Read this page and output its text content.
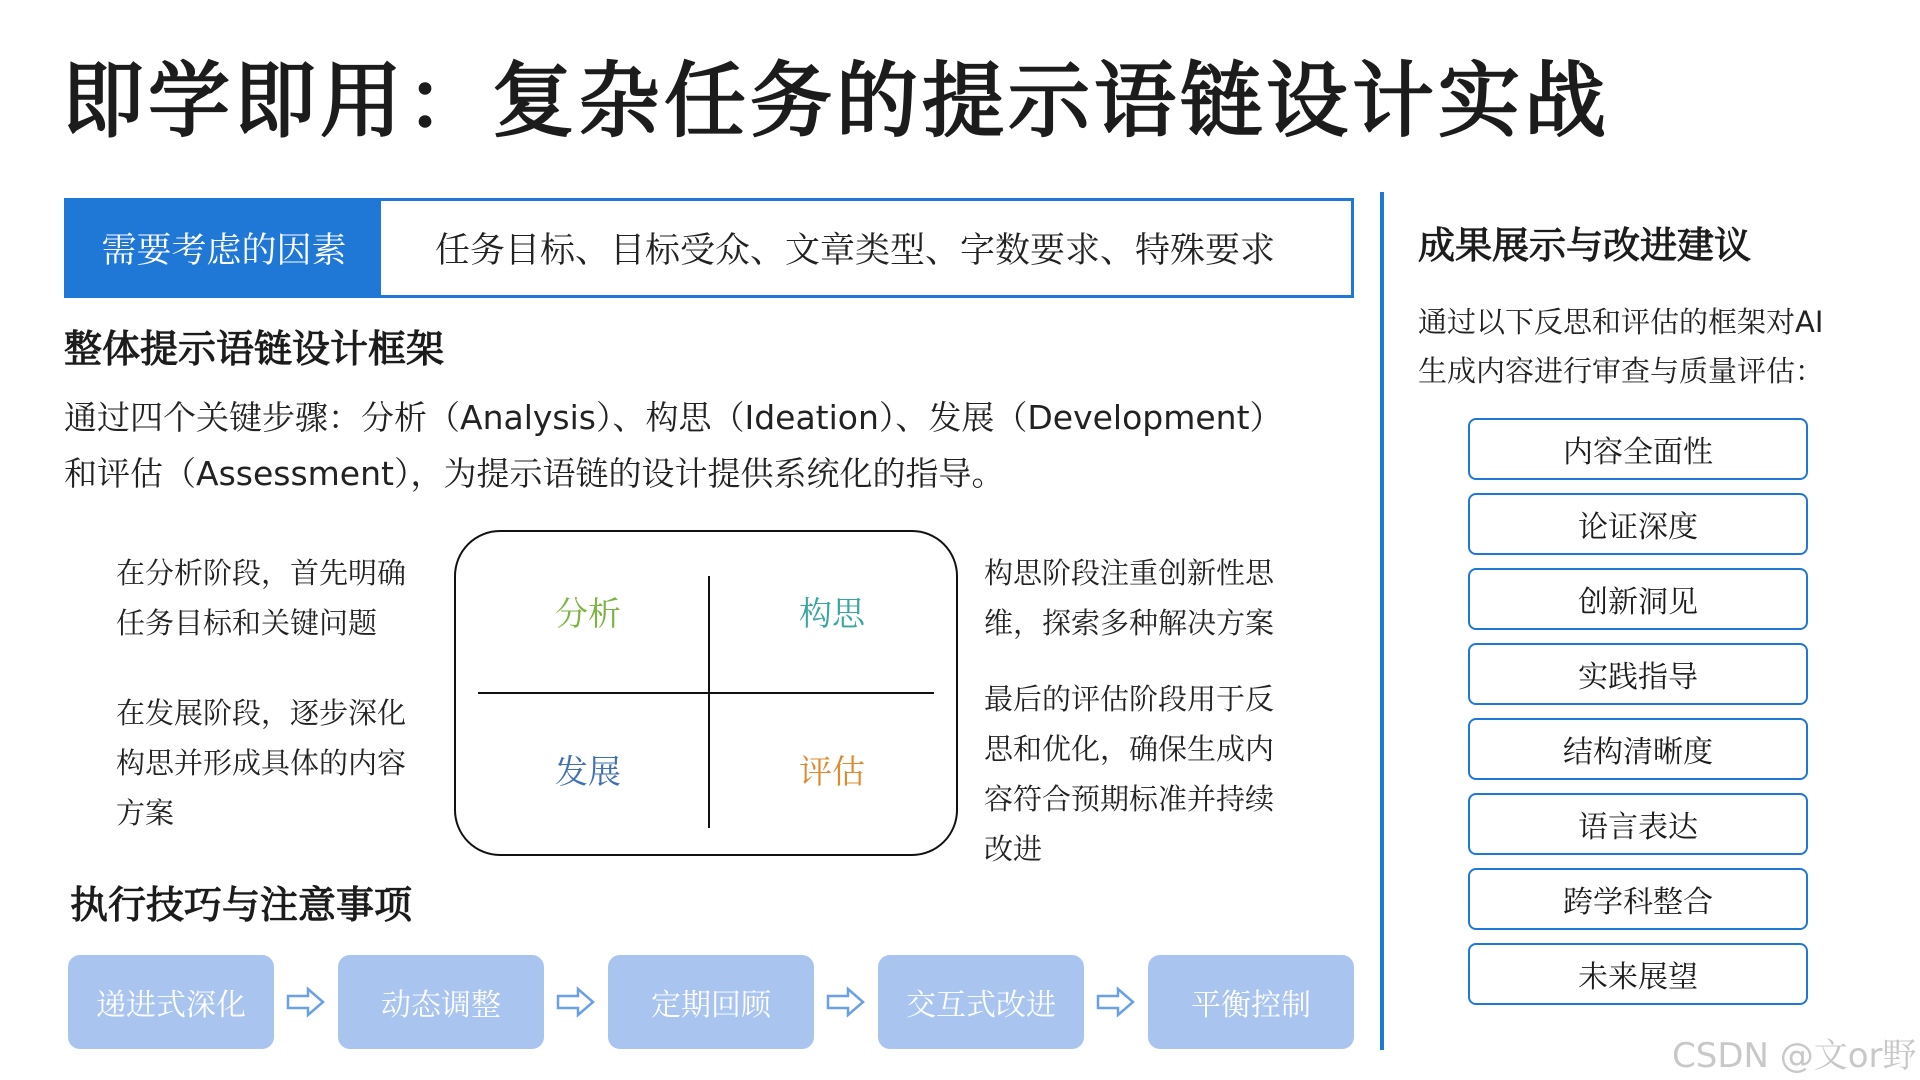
即学即用：复杂任务的提示语链设计实战
需要考虑的因素	任务目标、目标受众、文章类型、字数要求、特殊要求
整体提示语链设计框架
通过四个关键步骤：分析（Analysis）、构思（Ideation）、发展（Development）
和评估（Assessment），为提示语链的设计提供系统化的指导。
在分析阶段，首先明确
任务目标和关键问题
在发展阶段，逐步深化
构思并形成具体的内容
方案
构思阶段注重创新性思
维，探索多种解决方案
最后的评估阶段用于反
思和优化，确保生成内
容符合预期标准并持续
改进
分析	构思
发展	评估
执行技巧与注意事项
递进式深化	动态调整	定期回顾	交互式改进	平衡控制
成果展示与改进建议
通过以下反思和评估的框架对AI
生成内容进行审查与质量评估：
内容全面性
论证深度
创新洞见
实践指导
结构清晰度
语言表达
跨学科整合
未来展望
CSDN @文or野
